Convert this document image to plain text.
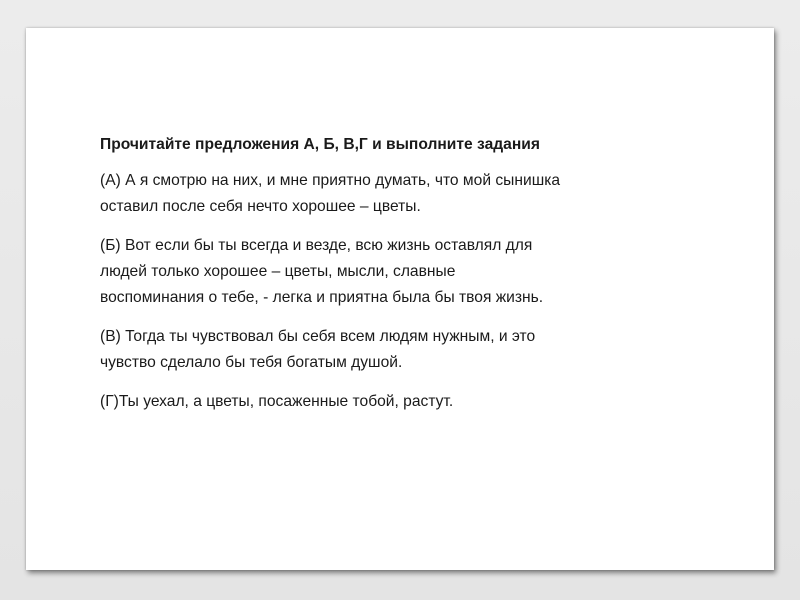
Прочитайте предложения А, Б, В,Г и выполните задания
(А) А я смотрю на них, и мне приятно думать, что мой сынишка
оставил после себя нечто хорошее – цветы.
(Б) Вот если бы ты всегда и везде, всю жизнь оставлял для
людей только хорошее – цветы, мысли, славные
воспоминания о тебе, - легка и приятна была бы твоя жизнь.
(В) Тогда ты чувствовал бы себя всем людям нужным, и это
чувство сделало бы тебя богатым душой.
(Г)Ты уехал, а цветы, посаженные тобой, растут.
